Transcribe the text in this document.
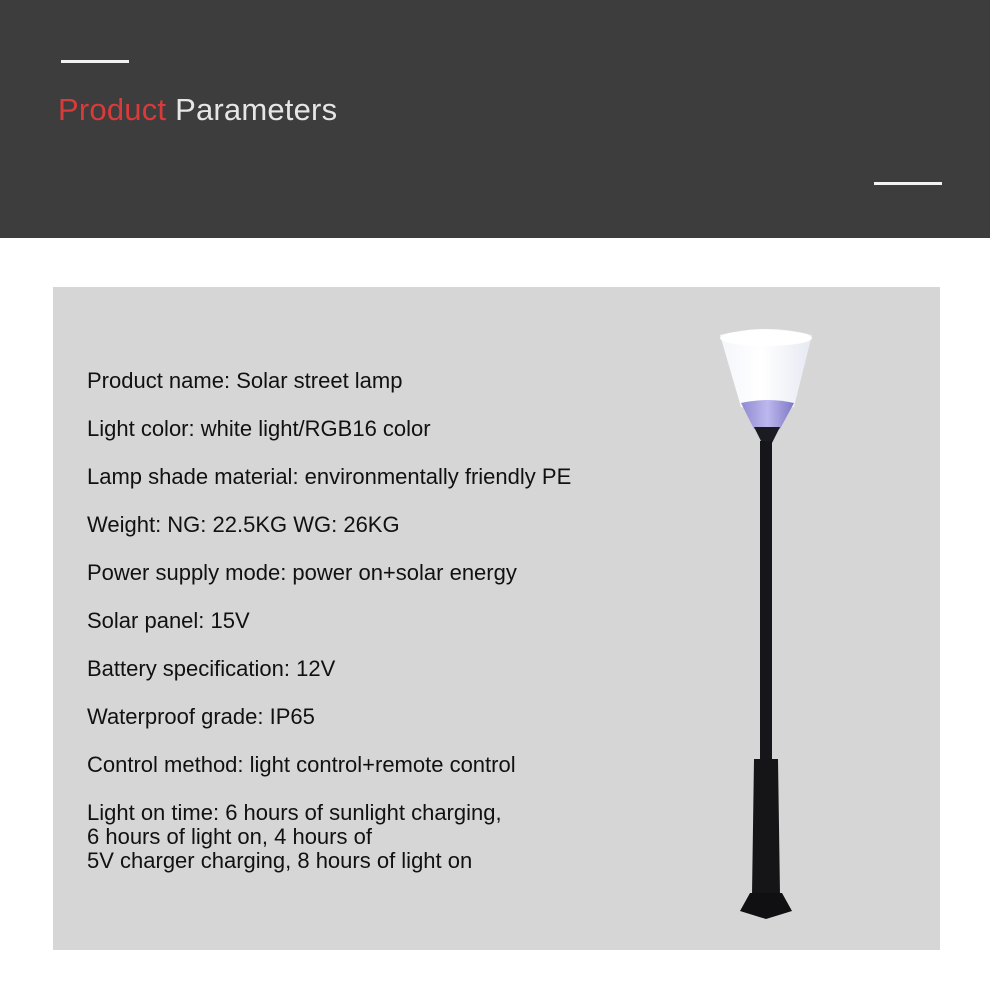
Product Parameters
Product name: Solar street lamp
Light color: white light/RGB16 color
Lamp shade material: environmentally friendly PE
Weight: NG: 22.5KG WG: 26KG
Power supply mode: power on+solar energy
Solar panel: 15V
Battery specification: 12V
Waterproof grade: IP65
Control method: light control+remote control
Light on time: 6 hours of sunlight charging,
6 hours of light on, 4 hours of
5V charger charging, 8 hours of light on
